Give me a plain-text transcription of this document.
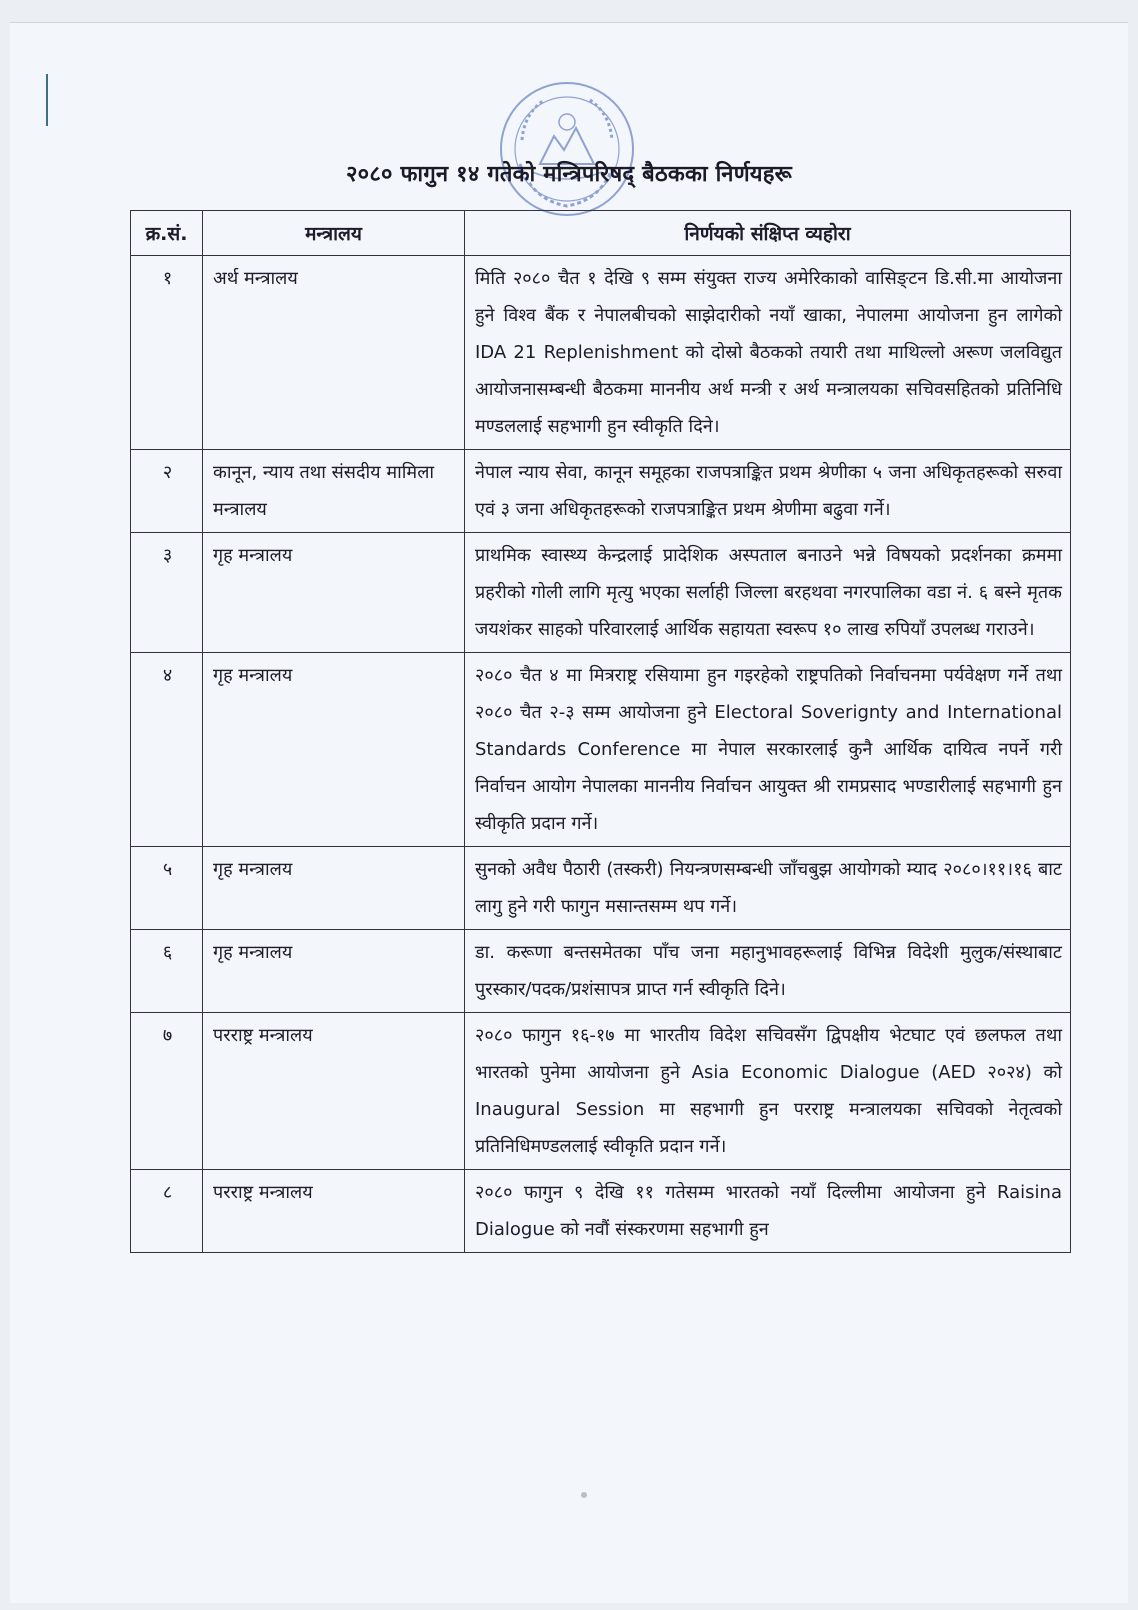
२०८० फागुन १४ गतेको मन्त्रिपरिषद् बैठकका निर्णयहरू
क्र.सं.	मन्त्रालय	निर्णयको संक्षिप्त व्यहोरा
१	अर्थ मन्त्रालय	मिति २०८० चैत १ देखि ९ सम्म संयुक्त राज्य अमेरिकाको वासिङ्टन डि.सी.मा आयोजना हुने विश्व बैंक र नेपालबीचको साझेदारीको नयाँ खाका, नेपालमा आयोजना हुन लागेको IDA 21 Replenishment को दोस्रो बैठकको तयारी तथा माथिल्लो अरूण जलविद्युत आयोजनासम्बन्धी बैठकमा माननीय अर्थ मन्त्री र अर्थ मन्त्रालयका सचिवसहितको प्रतिनिधि मण्डललाई सहभागी हुन स्वीकृति दिने।
२	कानून, न्याय तथा संसदीय मामिला मन्त्रालय	नेपाल न्याय सेवा, कानून समूहका राजपत्राङ्कित प्रथम श्रेणीका ५ जना अधिकृतहरूको सरुवा एवं ३ जना अधिकृतहरूको राजपत्राङ्कित प्रथम श्रेणीमा बढुवा गर्ने।
३	गृह मन्त्रालय	प्राथमिक स्वास्थ्य केन्द्रलाई प्रादेशिक अस्पताल बनाउने भन्ने विषयको प्रदर्शनका क्रममा प्रहरीको गोली लागि मृत्यु भएका सर्लाही जिल्ला बरहथवा नगरपालिका वडा नं. ६ बस्ने मृतक जयशंकर साहको परिवारलाई आर्थिक सहायता स्वरूप १० लाख रुपियाँ उपलब्ध गराउने।
४	गृह मन्त्रालय	२०८० चैत ४ मा मित्रराष्ट्र रसियामा हुन गइरहेको राष्ट्रपतिको निर्वाचनमा पर्यवेक्षण गर्ने तथा २०८० चैत २-३ सम्म आयोजना हुने Electoral Soverignty and International Standards Conference मा नेपाल सरकारलाई कुनै आर्थिक दायित्व नपर्ने गरी निर्वाचन आयोग नेपालका माननीय निर्वाचन आयुक्त श्री रामप्रसाद भण्डारीलाई सहभागी हुन स्वीकृति प्रदान गर्ने।
५	गृह मन्त्रालय	सुनको अवैध पैठारी (तस्करी) नियन्त्रणसम्बन्धी जाँचबुझ आयोगको म्याद २०८०।११।१६ बाट लागु हुने गरी फागुन मसान्तसम्म थप गर्ने।
६	गृह मन्त्रालय	डा. करूणा बन्तसमेतका पाँच जना महानुभावहरूलाई विभिन्न विदेशी मुलुक/संस्थाबाट पुरस्कार/पदक/प्रशंसापत्र प्राप्त गर्न स्वीकृति दिने।
७	परराष्ट्र मन्त्रालय	२०८० फागुन १६-१७ मा भारतीय विदेश सचिवसँग द्विपक्षीय भेटघाट एवं छलफल तथा भारतको पुनेमा आयोजना हुने Asia Economic Dialogue (AED २०२४) को Inaugural Session मा सहभागी हुन परराष्ट्र मन्त्रालयका सचिवको नेतृत्वको प्रतिनिधिमण्डललाई स्वीकृति प्रदान गर्ने।
८	परराष्ट्र मन्त्रालय	२०८० फागुन ९ देखि ११ गतेसम्म भारतको नयाँ दिल्लीमा आयोजना हुने Raisina Dialogue को नवौं संस्करणमा सहभागी हुन
